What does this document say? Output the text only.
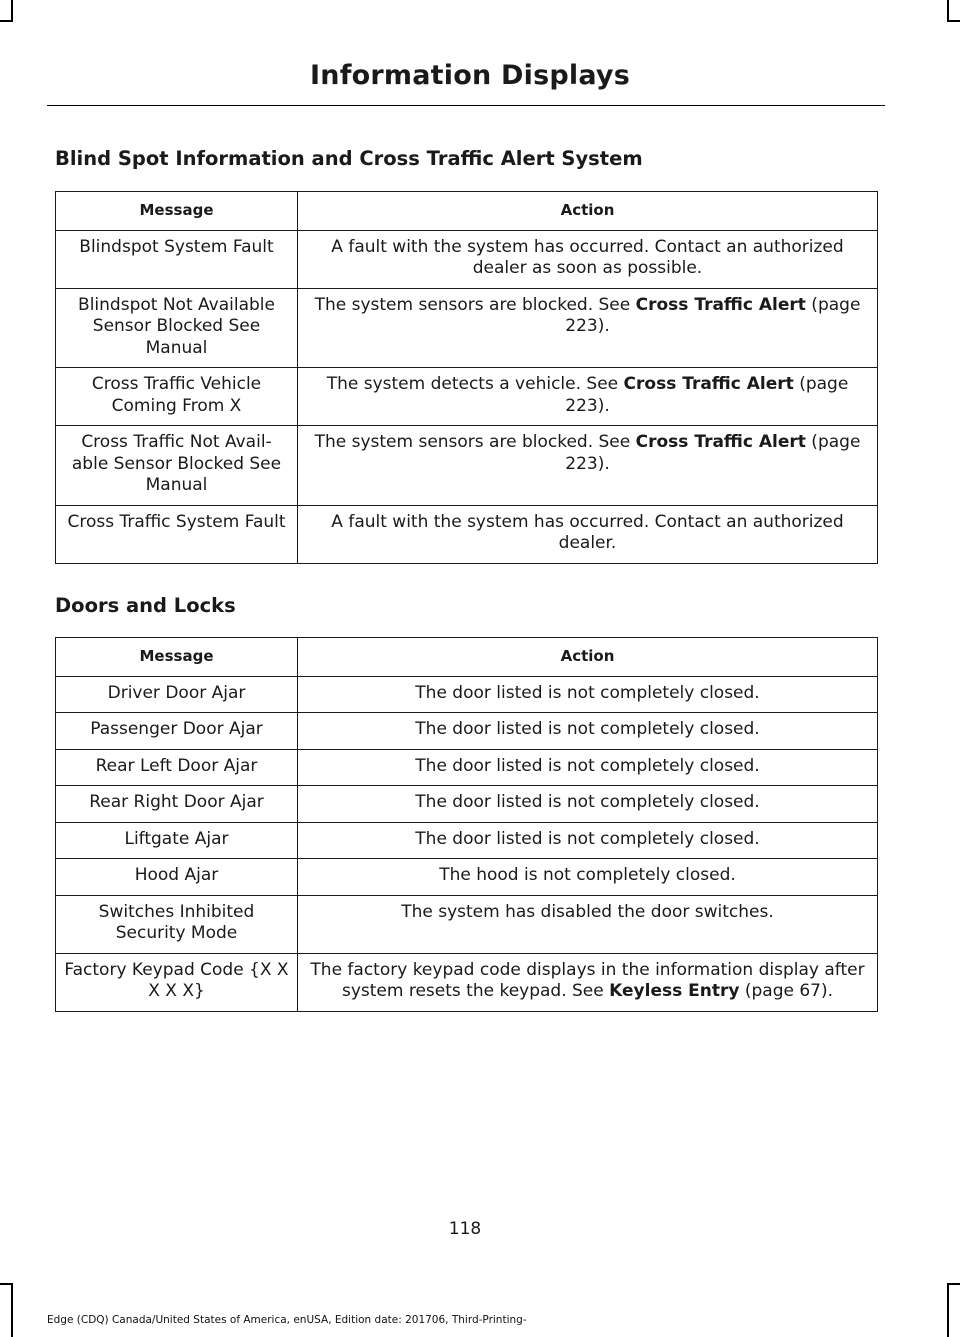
Information Displays
Blind Spot Information and Cross Traffic Alert System
Message	Action
Blindspot System Fault	A fault with the system has occurred. Contact an authorized dealer as soon as possible.
Blindspot Not Available Sensor Blocked See Manual	The system sensors are blocked. See Cross Traffic Alert (page 223).
Cross Traffic Vehicle Coming From X	The system detects a vehicle. See Cross Traffic Alert (page 223).
Cross Traffic Not Avail- able Sensor Blocked See Manual	The system sensors are blocked. See Cross Traffic Alert (page 223).
Cross Traffic System Fault	A fault with the system has occurred. Contact an authorized dealer.
Doors and Locks
Message	Action
Driver Door Ajar	The door listed is not completely closed.
Passenger Door Ajar	The door listed is not completely closed.
Rear Left Door Ajar	The door listed is not completely closed.
Rear Right Door Ajar	The door listed is not completely closed.
Liftgate Ajar	The door listed is not completely closed.
Hood Ajar	The hood is not completely closed.
Switches Inhibited Security Mode	The system has disabled the door switches.
Factory Keypad Code {X X X X X}	The factory keypad code displays in the information display after system resets the keypad. See Keyless Entry (page 67).
118
Edge (CDQ) Canada/United States of America, enUSA, Edition date: 201706, Third-Printing-
